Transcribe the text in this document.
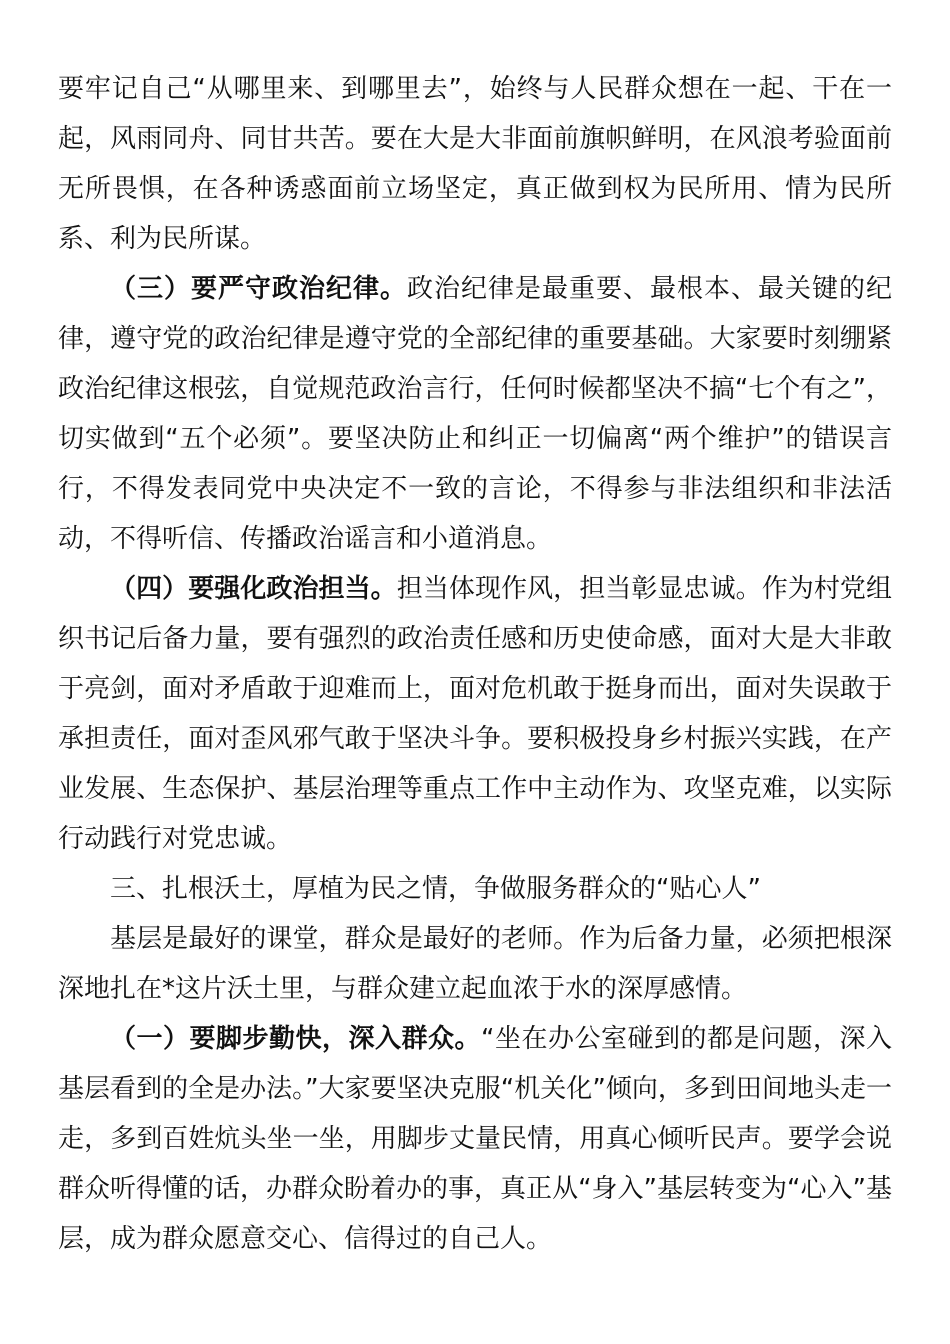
要牢记自己“从哪里来、到哪里去”，始终与人民群众想在一起、干在一起，风雨同舟、同甘共苦。要在大是大非面前旗帜鲜明，在风浪考验面前无所畏惧，在各种诱惑面前立场坚定，真正做到权为民所用、情为民所系、利为民所谋。

（三）要严守政治纪律。政治纪律是最重要、最根本、最关键的纪律，遵守党的政治纪律是遵守党的全部纪律的重要基础。大家要时刻绷紧政治纪律这根弦，自觉规范政治言行，任何时候都坚决不搞“七个有之”，切实做到“五个必须”。要坚决防止和纠正一切偏离“两个维护”的错误言行，不得发表同党中央决定不一致的言论，不得参与非法组织和非法活动，不得听信、传播政治谣言和小道消息。

（四）要强化政治担当。担当体现作风，担当彰显忠诚。作为村党组织书记后备力量，要有强烈的政治责任感和历史使命感，面对大是大非敢于亮剑，面对矛盾敢于迎难而上，面对危机敢于挺身而出，面对失误敢于承担责任，面对歪风邪气敢于坚决斗争。要积极投身乡村振兴实践，在产业发展、生态保护、基层治理等重点工作中主动作为、攻坚克难，以实际行动践行对党忠诚。

三、扎根沃土，厚植为民之情，争做服务群众的“贴心人”

基层是最好的课堂，群众是最好的老师。作为后备力量，必须把根深深地扎在*这片沃土里，与群众建立起血浓于水的深厚感情。

（一）要脚步勤快，深入群众。“坐在办公室碰到的都是问题，深入基层看到的全是办法。”大家要坚决克服“机关化”倾向，多到田间地头走一走，多到百姓炕头坐一坐，用脚步丈量民情，用真心倾听民声。要学会说群众听得懂的话，办群众盼着办的事，真正从“身入”基层转变为“心入”基层，成为群众愿意交心、信得过的自己人。
